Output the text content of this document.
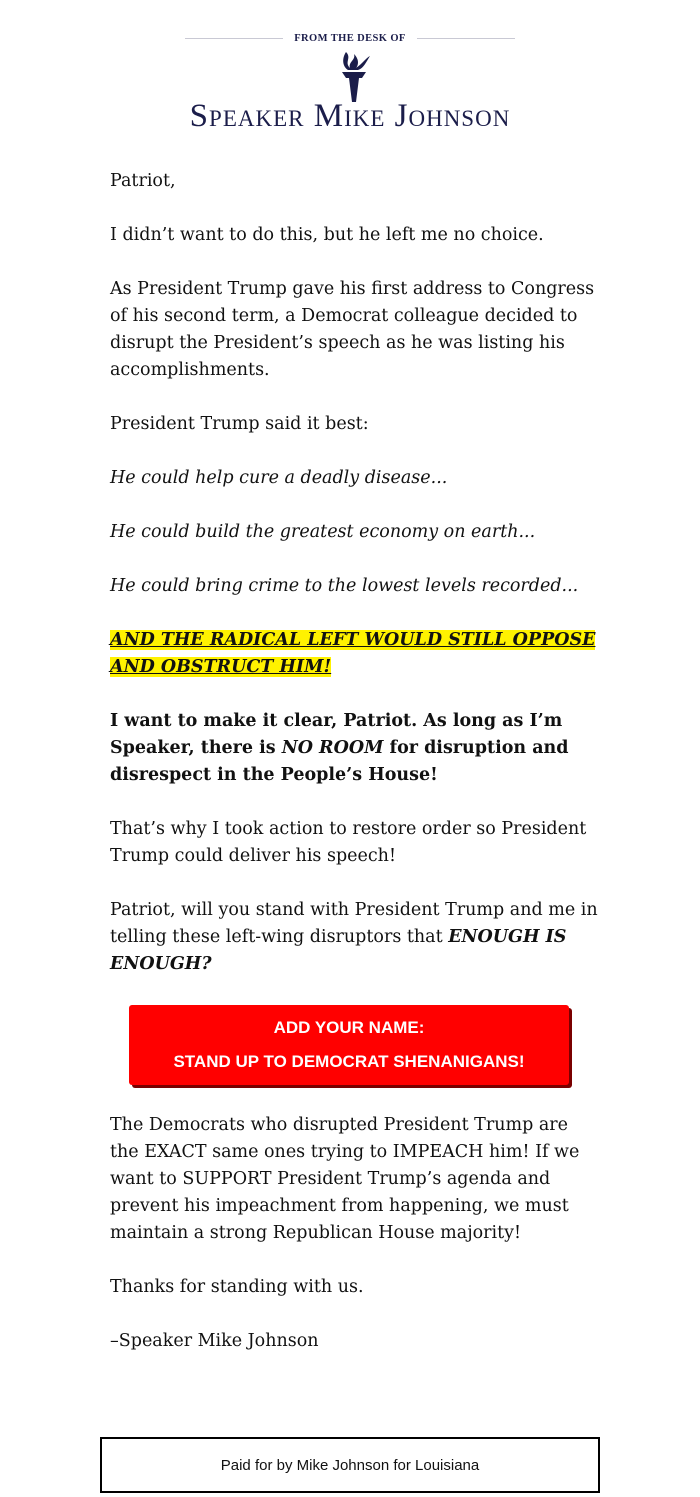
FROM THE DESK OF
Speaker Mike Johnson

Patriot,

I didn’t want to do this, but he left me no choice.

As President Trump gave his first address to Congress of his second term, a Democrat colleague decided to disrupt the President’s speech as he was listing his accomplishments.

President Trump said it best:

He could help cure a deadly disease...

He could build the greatest economy on earth...

He could bring crime to the lowest levels recorded...

AND THE RADICAL LEFT WOULD STILL OPPOSE AND OBSTRUCT HIM!

I want to make it clear, Patriot. As long as I’m Speaker, there is NO ROOM for disruption and disrespect in the People’s House!

That’s why I took action to restore order so President Trump could deliver his speech!

Patriot, will you stand with President Trump and me in telling these left-wing disruptors that ENOUGH IS ENOUGH?

ADD YOUR NAME:
STAND UP TO DEMOCRAT SHENANIGANS!

The Democrats who disrupted President Trump are the EXACT same ones trying to IMPEACH him! If we want to SUPPORT President Trump’s agenda and prevent his impeachment from happening, we must maintain a strong Republican House majority!

Thanks for standing with us.

–Speaker Mike Johnson

Paid for by Mike Johnson for Louisiana
